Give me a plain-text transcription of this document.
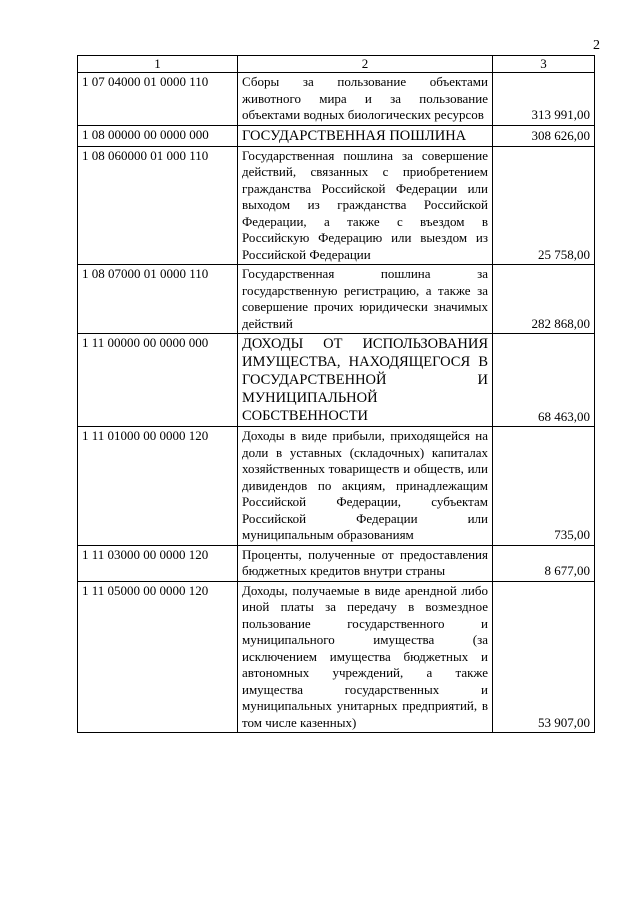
2
1	2	3
1 07 04000 01 0000 110	Сборы за пользование объектами животного мира и за пользование объектами водных биологических ресурсов	313 991,00
1 08 00000 00 0000 000	ГОСУДАРСТВЕННАЯ ПОШЛИНА	308 626,00
1 08 060000 01 000 110	Государственная пошлина за совершение действий, связанных с приобретением гражданства Российской Федерации или выходом из гражданства Российской Федерации, а также с въездом в Российскую Федерацию или выездом из Российской Федерации	25 758,00
1 08 07000 01 0000 110	Государственная пошлина за государственную регистрацию, а также за совершение прочих юридически значимых действий	282 868,00
1 11 00000 00 0000 000	ДОХОДЫ ОТ ИСПОЛЬЗОВАНИЯ ИМУЩЕСТВА, НАХОДЯЩЕГОСЯ В ГОСУДАРСТВЕННОЙ И МУНИЦИПАЛЬНОЙ СОБСТВЕННОСТИ	68 463,00
1 11 01000 00 0000 120	Доходы в виде прибыли, приходящейся на доли в уставных (складочных) капиталах хозяйственных товариществ и обществ, или дивидендов по акциям, принадлежащим Российской Федерации, субъектам Российской Федерации или муниципальным образованиям	735,00
1 11 03000 00 0000 120	Проценты, полученные от предоставления бюджетных кредитов внутри страны	8 677,00
1 11 05000 00 0000 120	Доходы, получаемые в виде арендной либо иной платы за передачу в возмездное пользование государственного и муниципального имущества (за исключением имущества бюджетных и автономных учреждений, а также имущества государственных и муниципальных унитарных предприятий, в том числе казенных)	53 907,00
